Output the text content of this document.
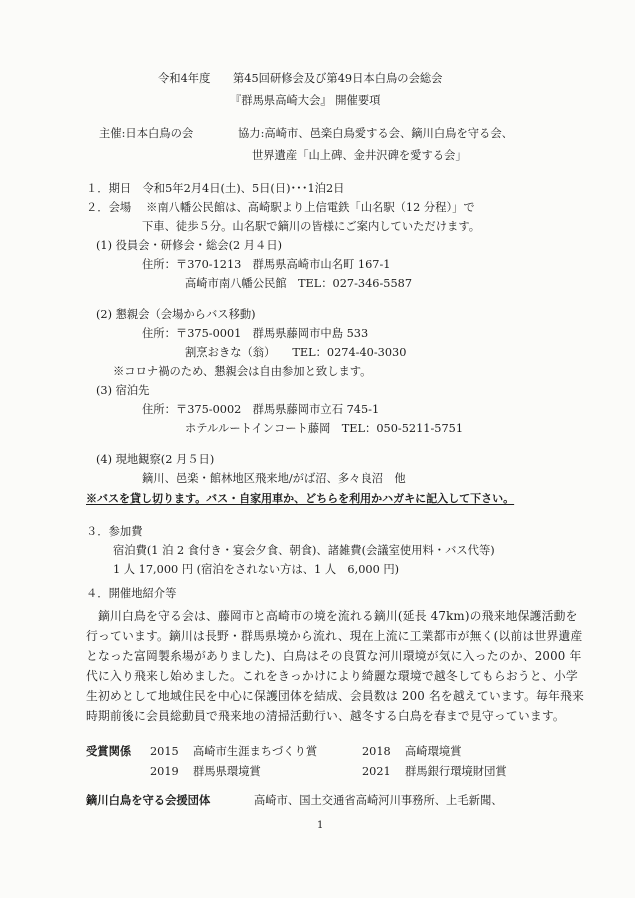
令和4年度　　第45回研修会及び第49日本白鳥の会総会
『群馬県高崎大会』 開催要項
主催:日本白鳥の会	協力:高崎市、邑楽白鳥愛する会、鏑川白鳥を守る会、
世界遺産「山上碑、金井沢碑を愛する会」
１．期日　令和5年2月4日(土)、5日(日)･･･1泊2日
２．会場　 ※南八幡公民館は、高崎駅より上信電鉄「山名駅（12 分程）」で
下車、徒歩５分。山名駅で鏑川の皆様にご案内していただけます。
(1) 役員会・研修会・総会(2 月４日)
住所：〒370-1213　群馬県高崎市山名町 167-1
高崎市南八幡公民館　TEL：027-346-5587
(2) 懇親会（会場からバス移動)
住所：〒375-0001　群馬県藤岡市中島 533
割烹おきな（翁）　　TEL：0274-40-3030
※コロナ禍のため、懇親会は自由参加と致します。
(3) 宿泊先
住所：〒375-0002　群馬県藤岡市立石 745-1
ホテルルートインコート藤岡　TEL：050-5211-5751
(4) 現地観察(2 月５日)
鏑川、邑楽・館林地区飛来地/がば沼、多々良沼　他
※バスを貸し切ります。バス・自家用車か、どちらを利用かハガキに記入して下さい。
３．参加費
宿泊費(1 泊 2 食付き・宴会夕食、朝食)、諸雑費(会議室使用料・バス代等)
1 人 17,000 円 (宿泊をされない方は、1 人　6,000 円)
４．開催地紹介等
　鏑川白鳥を守る会は、藤岡市と高崎市の境を流れる鏑川(延長 47km)の飛来地保護活動を行っています。鏑川は長野・群馬県境から流れ、現在上流に工業都市が無く(以前は世界遺産となった富岡製糸場がありました)、白鳥はその良質な河川環境が気に入ったのか、2000 年代に入り飛来し始めました。これをきっかけにより綺麗な環境で越冬してもらおうと、小学生初めとして地域住民を中心に保護団体を結成、会員数は 200 名を越えています。毎年飛来時期前後に会員総動員で飛来地の清掃活動行い、越冬する白鳥を春まで見守っています。
受賞関係 2015 高崎市生涯まちづくり賞	2018 高崎環境賞
2019 群馬県環境賞	2021 群馬銀行環境財団賞
鏑川白鳥を守る会援団体	高崎市、国土交通省高崎河川事務所、上毛新聞、
1
